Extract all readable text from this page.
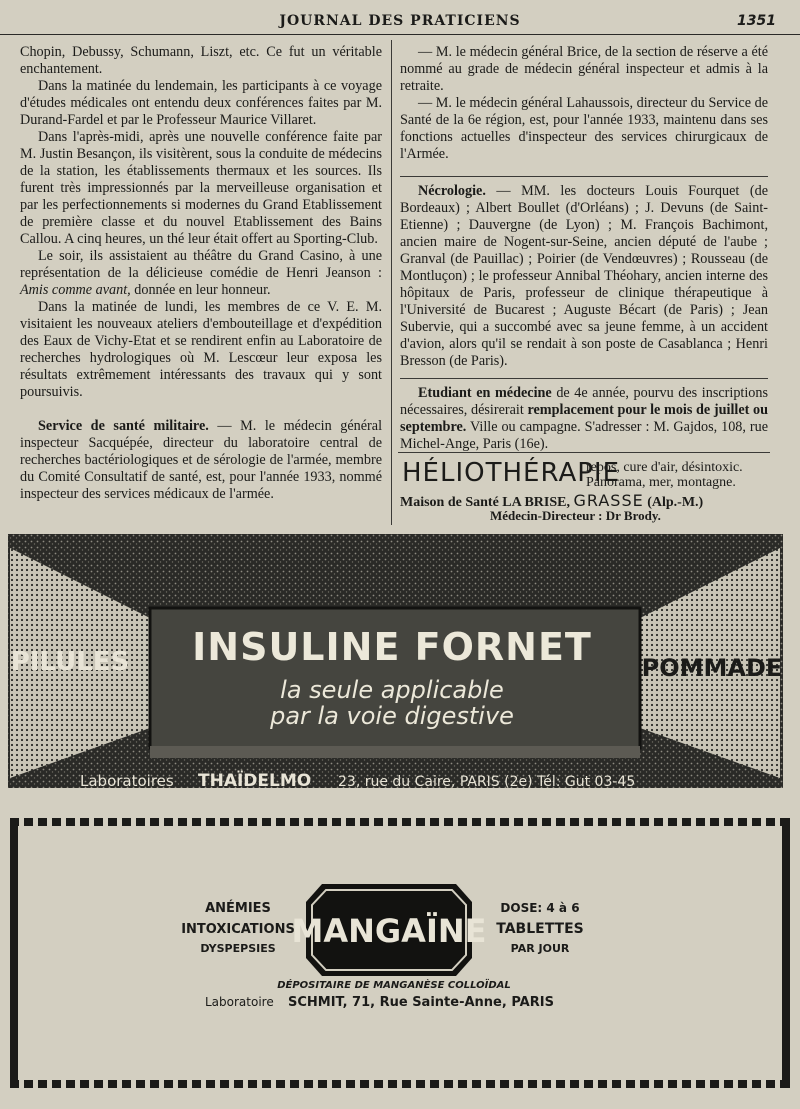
JOURNAL DES PRATICIENS	1351

Chopin, Debussy, Schumann, Liszt, etc. Ce fut un véritable enchantement.

Dans la matinée du lendemain, les participants à ce voyage d'études médicales ont entendu deux conférences faites par M. Durand-Fardel et par le Professeur Maurice Villaret.

Dans l'après-midi, après une nouvelle conférence faite par M. Justin Besançon, ils visitèrent, sous la conduite de médecins de la station, les établissements thermaux et les sources. Ils furent très impressionnés par la merveilleuse organisation et par les perfectionnements si modernes du Grand Etablissement de première classe et du nouvel Etablissement des Bains Callou. A cinq heures, un thé leur était offert au Sporting-Club.

Le soir, ils assistaient au théâtre du Grand Casino, à une représentation de la délicieuse comédie de Henri Jeanson : Amis comme avant, donnée en leur honneur.

Dans la matinée de lundi, les membres de ce V. E. M. visitaient les nouveaux ateliers d'embouteillage et d'expédition des Eaux de Vichy-Etat et se rendirent enfin au Laboratoire de recherches hydrologiques où M. Lescœur leur exposa les résultats extrêmement intéressants des travaux qui y sont poursuivis.

Service de santé militaire. — M. le médecin général inspecteur Sacquépée, directeur du laboratoire central de recherches bactériologiques et de sérologie de l'armée, membre du Comité Consultatif de santé, est, pour l'année 1933, nommé inspecteur des services médicaux de l'armée.

— M. le médecin général Brice, de la section de réserve a été nommé au grade de médecin général inspecteur et admis à la retraite.

— M. le médecin général Lahaussois, directeur du Service de Santé de la 6e région, est, pour l'année 1933, maintenu dans ses fonctions actuelles d'inspecteur des services chirurgicaux de l'Armée.

Nécrologie. — MM. les docteurs Louis Fourquet (de Bordeaux) ; Albert Boullet (d'Orléans) ; J. Devuns (de Saint-Etienne) ; Dauvergne (de Lyon) ; M. François Bachimont, ancien maire de Nogent-sur-Seine, ancien député de l'aube ; Granval (de Pauillac) ; Poirier (de Vendœuvres) ; Rousseau (de Montluçon) ; le professeur Annibal Théohary, ancien interne des hôpitaux de Paris, professeur de clinique thérapeutique à l'Université de Bucarest ; Auguste Bécart (de Paris) ; Jean Subervie, qui a succombé avec sa jeune femme, à un accident d'avion, alors qu'il se rendait à son poste de Casablanca ; Henri Bresson (de Paris).

Etudiant en médecine de 4e année, pourvu des inscriptions nécessaires, désirerait remplacement pour le mois de juillet ou septembre. Ville ou campagne. S'adresser : M. Gajdos, 108, rue Michel-Ange, Paris (16e).

HÉLIOTHÉRAPIE
repos, cure d'air, désintoxic.
Panorama, mer, montagne.
Maison de Santé LA BRISE, GRASSE (Alp.-M.)
Médecin-Directeur : Dr Brody.
PILULES	POMMADE
INSULINE FORNET
la seule applicable
par la voie digestive
Laboratoires THAÏDELMO 23, rue du Caire, PARIS (2e) Tél: Gut 03-45
ANÉMIES
INTOXICATIONS
DYSPEPSIES MANGAÏNE
DOSE: 4 à 6
TABLETTES
PAR JOUR
DÉPOSITAIRE DE MANGANÈSE COLLOÏDAL
Laboratoire SCHMIT, 71, Rue Sainte-Anne, PARIS
